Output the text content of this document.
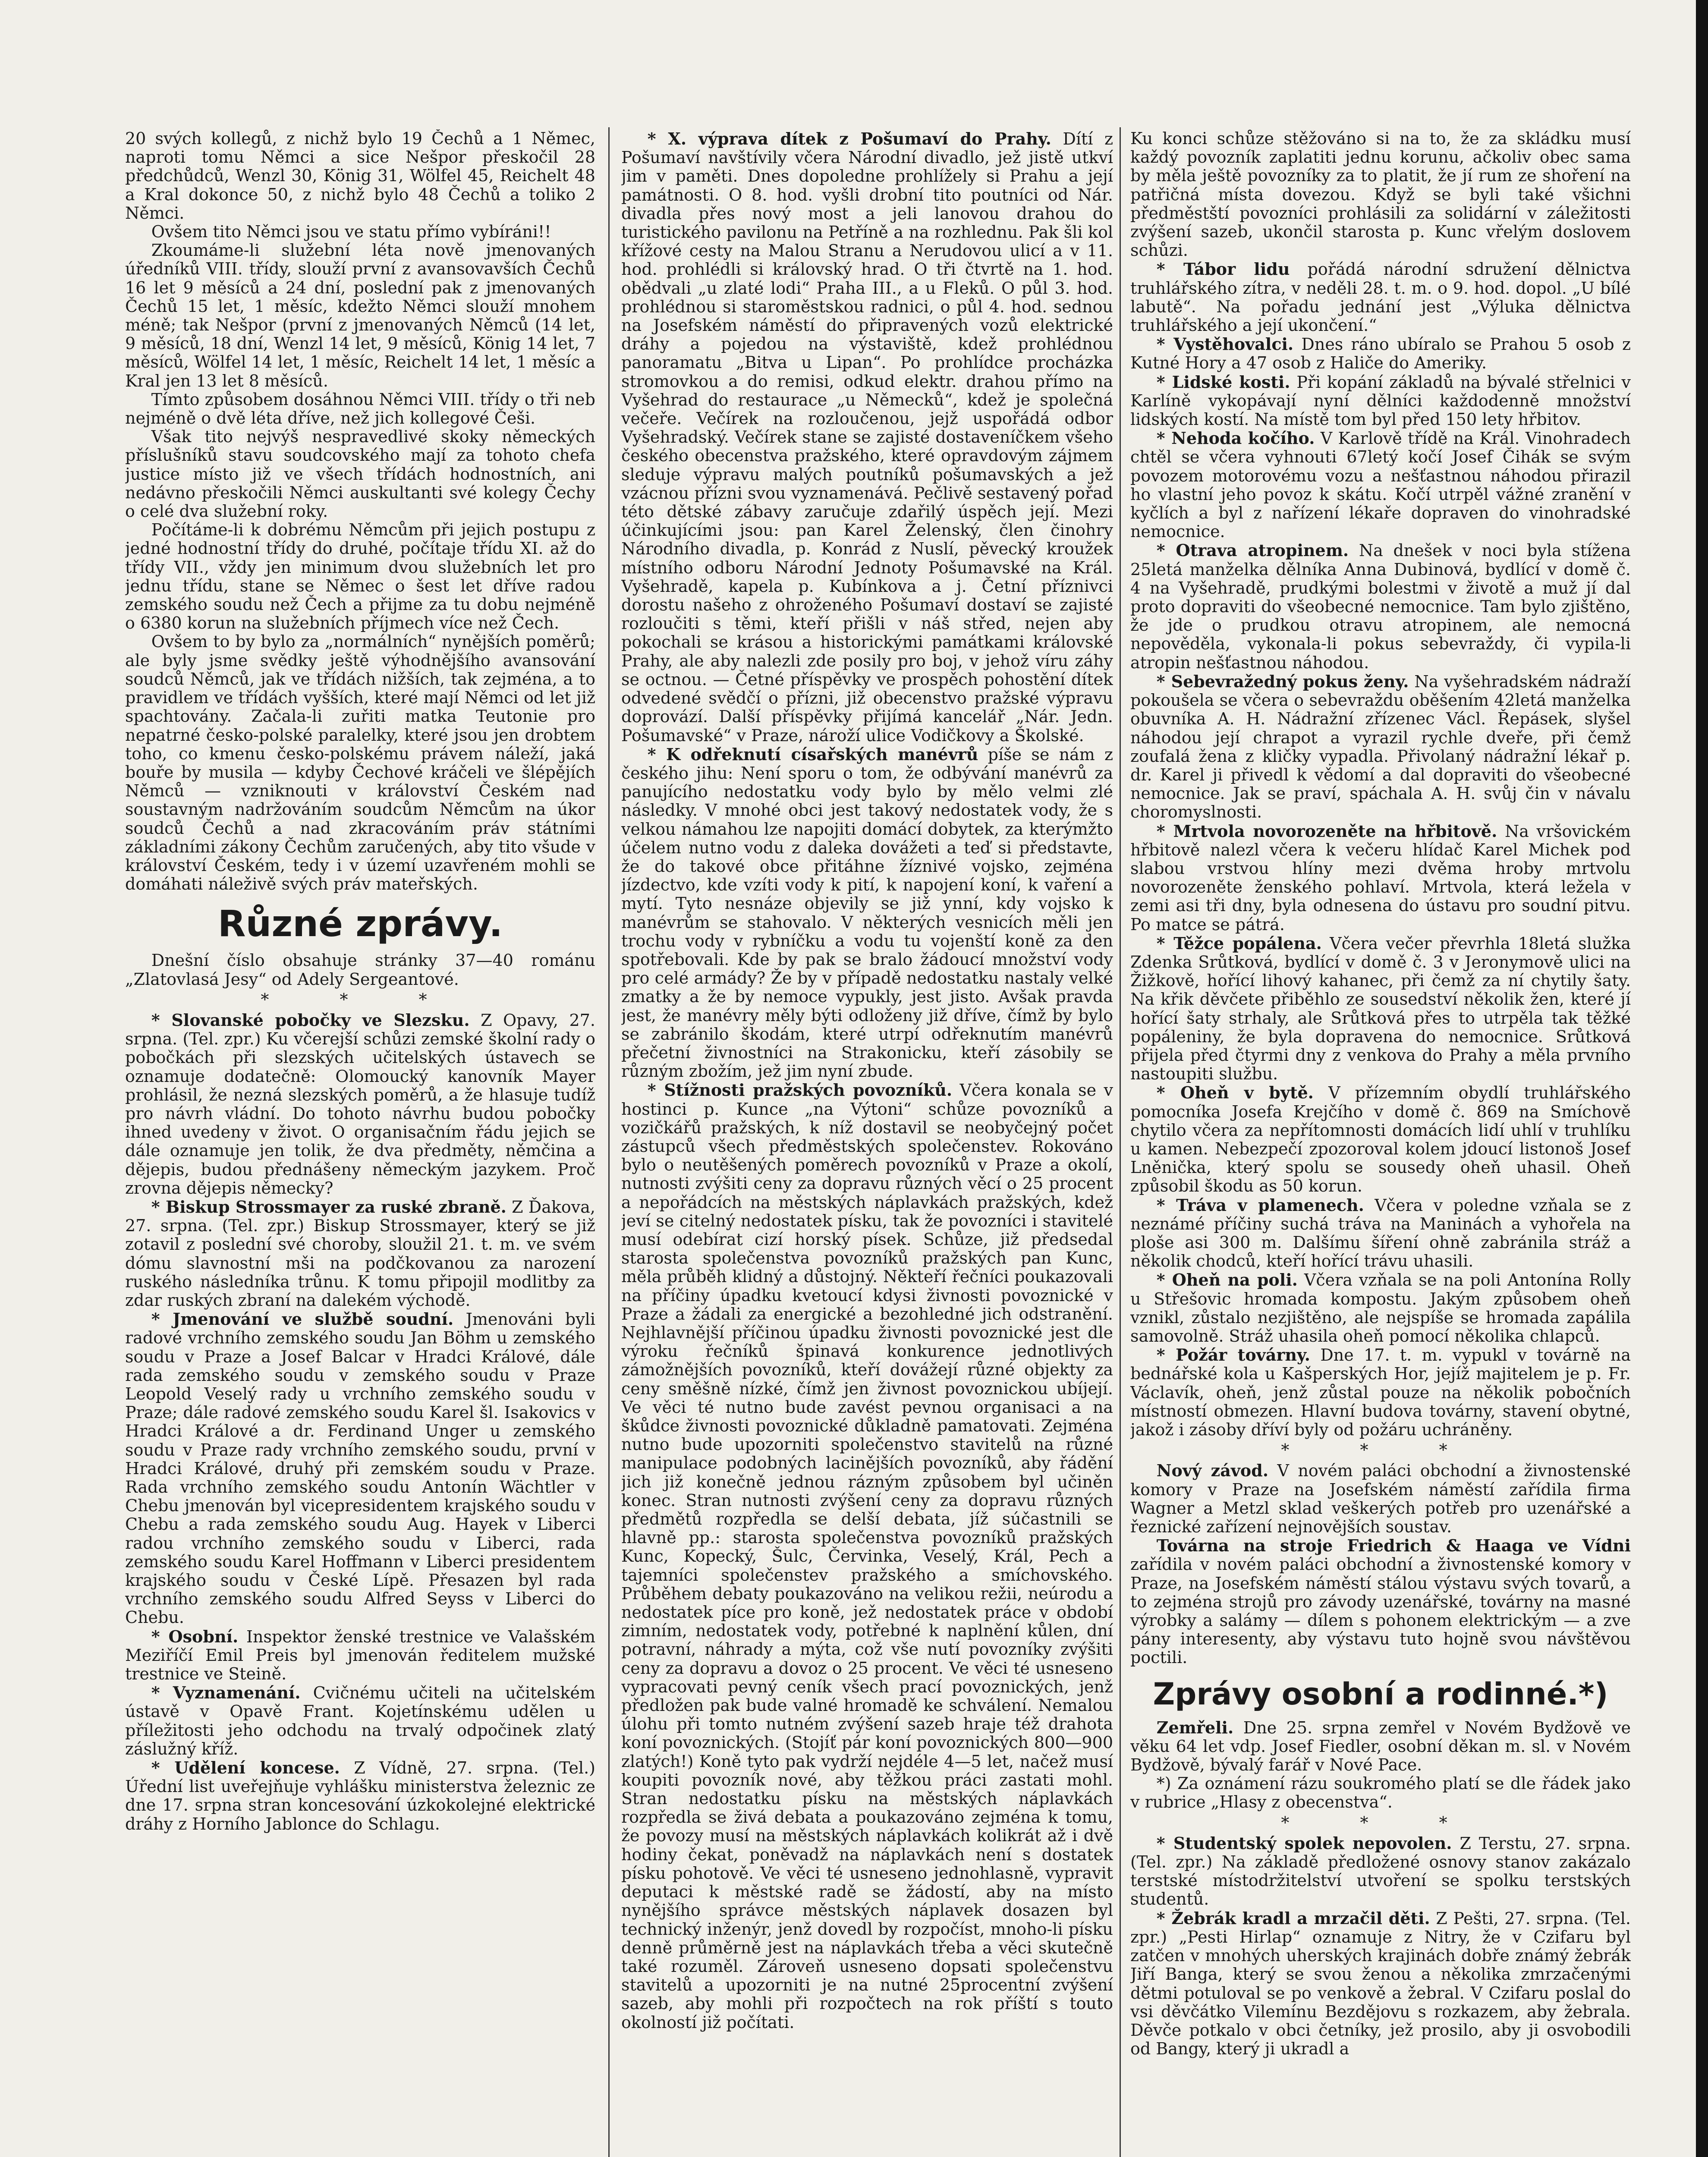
20 svých kollegů, z nichž bylo 19 Čechů a 1 Němec, naproti tomu Němci a sice Nešpor přeskočil 28 předchůdců, Wenzl 30, König 31, Wölfel 45, Reichelt 48 a Kral dokonce 50, z nichž bylo 48 Čechů a toliko 2 Němci.

Ovšem tito Němci jsou ve statu přímo vybíráni!!

Zkoumáme-li služební léta nově jmenovaných úředníků VIII. třídy, slouží první z avansovavších Čechů 16 let 9 měsíců a 24 dní, poslední pak z jmenovaných Čechů 15 let, 1 měsíc, kdežto Němci slouží mnohem méně; tak Nešpor (první z jmenovaných Němců (14 let, 9 měsíců, 18 dní, Wenzl 14 let, 9 měsíců, König 14 let, 7 měsíců, Wölfel 14 let, 1 měsíc, Reichelt 14 let, 1 měsíc a Kral jen 13 let 8 měsíců.

Tímto způsobem dosáhnou Němci VIII. třídy o tři neb nejméně o dvě léta dříve, než jich kollegové Češi.

Však tito nejvýš nespravedlivé skoky německých příslušníků stavu soudcovského mají za tohoto chefa justice místo již ve všech třídách hodnostních, ani nedávno přeskočili Němci auskultanti své kolegy Čechy o celé dva služební roky.

Počítáme-li k dobrému Němcům při jejich postupu z jedné hodnostní třídy do druhé, počítaje třídu XI. až do třídy VII., vždy jen minimum dvou služebních let pro jednu třídu, stane se Němec o šest let dříve radou zemského soudu než Čech a přijme za tu dobu nejméně o 6380 korun na služebních příjmech více než Čech.

Ovšem to by bylo za „normálních“ nynějších poměrů; ale byly jsme svědky ještě výhodnějšího avansování soudců Němců, jak ve třídách nižších, tak zejména, a to pravidlem ve třídách vyšších, které mají Němci od let již spachtovány. Začala-li zuřiti matka Teutonie pro nepatrné česko-polské paralelky, které jsou jen drobtem toho, co kmenu česko-polskému právem náleží, jaká bouře by musila — kdyby Čechové kráčeli ve šlépějích Němců — vzniknouti v království Českém nad soustavným nadržováním soudcům Němcům na úkor soudců Čechů a nad zkracováním práv státními základními zákony Čechům zaručených, aby tito všude v království Českém, tedy i v území uzavřeném mohli se domáhati náleživě svých práv mateřských.

Různé zprávy.

Dnešní číslo obsahuje stránky 37—40 románu „Zlatovlasá Jesy“ od Adely Sergeantové.

* * *

* Slovanské pobočky ve Slezsku. Z Opavy, 27. srpna. (Tel. zpr.) Ku včerejší schůzi zemské školní rady o pobočkách při slezských učitelských ústavech se oznamuje dodatečně: Olomoucký kanovník Mayer prohlásil, že nezná slezských poměrů, a že hlasuje tudíž pro návrh vládní. Do tohoto návrhu budou pobočky ihned uvedeny v život. O organisačním řádu jejich se dále oznamuje jen tolik, že dva předměty, němčina a dějepis, budou přednášeny německým jazykem. Proč zrovna dějepis německy?

* Biskup Strossmayer za ruské zbraně. Z Ďakova, 27. srpna. (Tel. zpr.) Biskup Strossmayer, který se již zotavil z poslední své choroby, sloužil 21. t. m. ve svém dómu slavnostní mši na podčkovanou za narození ruského následníka trůnu. K tomu připojil modlitby za zdar ruských zbraní na dalekém východě.

* Jmenování ve službě soudní. Jmenováni byli radové vrchního zemského soudu Jan Böhm u zemského soudu v Praze a Josef Balcar v Hradci Králové, dále rada zemského soudu v zemského soudu v Praze Leopold Veselý rady u vrchního zemského soudu v Praze; dále radové zemského soudu Karel šl. Isakovics v Hradci Králové a dr. Ferdinand Unger u zemského soudu v Praze rady vrchního zemského soudu, první v Hradci Králové, druhý při zemském soudu v Praze. Rada vrchního zemského soudu Antonín Wächtler v Chebu jmenován byl vicepresidentem krajského soudu v Chebu a rada zemského soudu Aug. Hayek v Liberci radou vrchního zemského soudu v Liberci, rada zemského soudu Karel Hoffmann v Liberci presidentem krajského soudu v České Lípě. Přesazen byl rada vrchního zemského soudu Alfred Seyss v Liberci do Chebu.

* Osobní. Inspektor ženské trestnice ve Valašském Meziříčí Emil Preis byl jmenován ředitelem mužské trestnice ve Steině.

* Vyznamenání. Cvičnému učiteli na učitelském ústavě v Opavě Frant. Kojetínskému udělen u příležitosti jeho odchodu na trvalý odpočinek zlatý záslužný kříž.

* Udělení koncese. Z Vídně, 27. srpna. (Tel.) Úřední list uveřejňuje vyhlášku ministerstva železnic ze dne 17. srpna stran koncesování úzkokolejné elektrické dráhy z Horního Jablonce do Schlagu.

* X. výprava dítek z Pošumaví do Prahy. Dítí z Pošumaví navštívily včera Národní divadlo, jež jistě utkví jim v paměti. Dnes dopoledne prohlížely si Prahu a její památnosti. O 8. hod. vyšli drobní tito poutníci od Nár. divadla přes nový most a jeli lanovou drahou do turistického pavilonu na Petříně a na rozhlednu. Pak šli kol křížové cesty na Malou Stranu a Nerudovou ulicí a v 11. hod. prohlédli si královský hrad. O tři čtvrtě na 1. hod. obědvali „u zlaté lodi“ Praha III., a u Fleků. O půl 3. hod. prohlédnou si staroměstskou radnici, o půl 4. hod. sednou na Josefském náměstí do připravených vozů elektrické dráhy a pojedou na výstaviště, kdež prohlédnou panoramatu „Bitva u Lipan“. Po prohlídce procházka stromovkou a do remisi, odkud elektr. drahou přímo na Vyšehrad do restaurace „u Německů“, kdež je společná večeře. Večírek na rozloučenou, jejž uspořádá odbor Vyšehradský. Večírek stane se zajisté dostaveníčkem všeho českého obecenstva pražského, které opravdovým zájmem sleduje výpravu malých poutníků pošumavských a jež vzácnou přízni svou vyznamenává. Pečlivě sestavený pořad této dětské zábavy zaručuje zdařilý úspěch její. Mezi účinkujícími jsou: pan Karel Želenský, člen činohry Národního divadla, p. Konrád z Nuslí, pěvecký kroužek místního odboru Národní Jednoty Pošumavské na Král. Vyšehradě, kapela p. Kubínkova a j. Četní příznivci dorostu našeho z ohroženého Pošumaví dostaví se zajisté rozloučiti s těmi, kteří přišli v náš střed, nejen aby pokochali se krásou a historickými památkami královské Prahy, ale aby nalezli zde posily pro boj, v jehož víru záhy se octnou. — Četné příspěvky ve prospěch pohostění dítek odvedené svědčí o přízni, již obecenstvo pražské výpravu doprovází. Další příspěvky přijímá kancelář „Nár. Jedn. Pošumavské“ v Praze, nároží ulice Vodičkovy a Školské.

* K odřeknutí císařských manévrů píše se nám z českého jihu: Není sporu o tom, že odbývání manévrů za panujícího nedostatku vody bylo by mělo velmi zlé následky. V mnohé obci jest takový nedostatek vody, že s velkou námahou lze napojiti domácí dobytek, za kterýmžto účelem nutno vodu z daleka dovážeti a teď si představte, že do takové obce přitáhne žíznivé vojsko, zejména jízdectvo, kde vzíti vody k pití, k napojení koní, k vaření a mytí. Tyto nesnáze objevily se již ynní, kdy vojsko k manévrům se stahovalo. V některých vesnicích měli jen trochu vody v rybníčku a vodu tu vojenští koně za den spotřebovali. Kde by pak se bralo žádoucí množství vody pro celé armády? Že by v případě nedostatku nastaly velké zmatky a že by nemoce vypukly, jest jisto. Avšak pravda jest, že manévry měly býti odloženy již dříve, čímž by bylo se zabránilo škodám, které utrpí odřeknutím manévrů přečetní živnostníci na Strakonicku, kteří zásobily se různým zbožím, jež jim nyní zbude.

* Stížnosti pražských povozníků. Včera konala se v hostinci p. Kunce „na Výtoni“ schůze povozníků a vozičkářů pražských, k níž dostavil se neobyčejný počet zástupců všech předměstských společenstev. Rokováno bylo o neutěšených poměrech povozníků v Praze a okolí, nutnosti zvýšiti ceny za dopravu různých věcí o 25 procent a nepořádcích na městských náplavkách pražských, kdež jeví se citelný nedostatek písku, tak že povozníci i stavitelé musí odebírat cizí horský písek. Schůze, již předsedal starosta společenstva povozníků pražských pan Kunc, měla průběh klidný a důstojný. Někteří řečníci poukazovali na příčiny úpadku kvetoucí kdysi živnosti povoznické v Praze a žádali za energické a bezohledné jich odstranění. Nejhlavnější příčinou úpadku živnosti povoznické jest dle výroku řečníků špinavá konkurence jednotlivých zámožnějších povozníků, kteří dovážejí různé objekty za ceny směšně nízké, čímž jen živnost povoznickou ubíjejí. Ve věci té nutno bude zavést pevnou organisaci a na škůdce živnosti povoznické důkladně pamatovati. Zejména nutno bude upozorniti společenstvo stavitelů na různé manipulace podobných lacinějších povozníků, aby řádění jich již konečně jednou rázným způsobem byl učiněn konec. Stran nutnosti zvýšení ceny za dopravu různých předmětů rozpředla se delší debata, jíž súčastnili se hlavně pp.: starosta společenstva povozníků pražských Kunc, Kopecký, Šulc, Červinka, Veselý, Král, Pech a tajemníci společenstev pražského a smíchovského. Průběhem debaty poukazováno na velikou režii, neúrodu a nedostatek píce pro koně, jež nedostatek práce v období zimním, nedostatek vody, potřebné k naplnění kůlen, dní potravní, náhrady a mýta, což vše nutí povozníky zvýšiti ceny za dopravu a dovoz o 25 procent. Ve věci té usneseno vypracovati pevný ceník všech prací povoznických, jenž předložen pak bude valné hromadě ke schválení. Nemalou úlohu při tomto nutném zvýšení sazeb hraje též drahota koní povoznických. (Stojíť pár koní povoznických 800—900 zlatých!) Koně tyto pak vydrží nejdéle 4—5 let, načež musí koupiti povozník nové, aby těžkou práci zastati mohl. Stran nedostatku písku na městských náplavkách rozpředla se živá debata a poukazováno zejména k tomu, že povozy musí na městských náplavkách kolikrát až i dvě hodiny čekat, poněvadž na náplavkách není s dostatek písku pohotově. Ve věci té usneseno jednohlasně, vypravit deputaci k městské radě se žádostí, aby na místo nynějšího správce městských náplavek dosazen byl technický inženýr, jenž dovedl by rozpočíst, mnoho-li písku denně průměrně jest na náplavkách třeba a věci skutečně také rozuměl. Zároveň usneseno dopsati společenstvu stavitelů a upozorniti je na nutné 25procentní zvýšení sazeb, aby mohli při rozpočtech na rok příští s touto okolností již počítati.

Ku konci schůze stěžováno si na to, že za skládku musí každý povozník zaplatiti jednu korunu, ačkoliv obec sama by měla ještě povozníky za to platit, že jí rum ze shoření na patřičná místa dovezou. Když se byli také všichni předměstští povozníci prohlásili za solidární v záležitosti zvýšení sazeb, ukončil starosta p. Kunc vřelým doslovem schůzi.

* Tábor lidu pořádá národní sdružení dělnictva truhlářského zítra, v neděli 28. t. m. o 9. hod. dopol. „U bílé labutě“. Na pořadu jednání jest „Výluka dělnictva truhlářského a její ukončení.“

* Vystěhovalci. Dnes ráno ubíralo se Prahou 5 osob z Kutné Hory a 47 osob z Haliče do Ameriky.

* Lidské kosti. Při kopání základů na bývalé střelnici v Karlíně vykopávají nyní dělníci každodenně množství lidských kostí. Na místě tom byl před 150 lety hřbitov.

* Nehoda kočího. V Karlově třídě na Král. Vinohradech chtěl se včera vyhnouti 67letý kočí Josef Čihák se svým povozem motorovému vozu a nešťastnou náhodou přirazil ho vlastní jeho povoz k skátu. Kočí utrpěl vážné zranění v kyčlích a byl z nařízení lékaře dopraven do vinohradské nemocnice.

* Otrava atropinem. Na dnešek v noci byla stížena 25letá manželka dělníka Anna Dubinová, bydlící v domě č. 4 na Vyšehradě, prudkými bolestmi v životě a muž jí dal proto dopraviti do všeobecné nemocnice. Tam bylo zjištěno, že jde o prudkou otravu atropinem, ale nemocná nepověděla, vykonala-li pokus sebevraždy, či vypila-li atropin nešťastnou náhodou.

* Sebevražedný pokus ženy. Na vyšehradském nádraží pokoušela se včera o sebevraždu oběšením 42letá manželka obuvníka A. H. Nádražní zřízenec Václ. Řepásek, slyšel náhodou její chrapot a vyrazil rychle dveře, při čemž zoufalá žena z kličky vypadla. Přivolaný nádražní lékař p. dr. Karel ji přivedl k vědomí a dal dopraviti do všeobecné nemocnice. Jak se praví, spáchala A. H. svůj čin v návalu choromyslnosti.

* Mrtvola novorozeněte na hřbitově. Na vršovickém hřbitově nalezl včera k večeru hlídač Karel Michek pod slabou vrstvou hlíny mezi dvěma hroby mrtvolu novorozeněte ženského pohlaví. Mrtvola, která ležela v zemi asi tři dny, byla odnesena do ústavu pro soudní pitvu. Po matce se pátrá.

* Těžce popálena. Včera večer převrhla 18letá služka Zdenka Srůtková, bydlící v domě č. 3 v Jeronymově ulici na Žižkově, hořící lihový kahanec, při čemž za ní chytily šaty. Na křik děvčete přiběhlo ze sousedství několik žen, které jí hořící šaty strhaly, ale Srůtková přes to utrpěla tak těžké popáleniny, že byla dopravena do nemocnice. Srůtková přijela před čtyrmi dny z venkova do Prahy a měla prvního nastoupiti službu.

* Oheň v bytě. V přízemním obydlí truhlářského pomocníka Josefa Krejčího v domě č. 869 na Smíchově chytilo včera za nepřítomnosti domácích lidí uhlí v truhlíku u kamen. Nebezpečí zpozoroval kolem jdoucí listonoš Josef Lněnička, který spolu se sousedy oheň uhasil. Oheň způsobil škodu as 50 korun.

* Tráva v plamenech. Včera v poledne vzňala se z neznámé příčiny suchá tráva na Maninách a vyhořela na ploše asi 300 m. Dalšímu šíření ohně zabránila stráž a několik chodců, kteří hořící trávu uhasili.

* Oheň na poli. Včera vzňala se na poli Antonína Rolly u Střešovic hromada kompostu. Jakým způsobem oheň vznikl, zůstalo nezjištěno, ale nejspíše se hromada zapálila samovolně. Stráž uhasila oheň pomocí několika chlapců.

* Požár továrny. Dne 17. t. m. vypukl v továrně na bednářské kola u Kašperských Hor, jejíž majitelem je p. Fr. Václavík, oheň, jenž zůstal pouze na několik pobočních místností obmezen. Hlavní budova továrny, stavení obytné, jakož i zásoby dříví byly od požáru uchráněny.

* * *

Nový závod. V novém paláci obchodní a živnostenské komory v Praze na Josefském náměstí zařídila firma Wagner a Metzl sklad veškerých potřeb pro uzenářské a řeznické zařízení nejnovějších soustav.

Továrna na stroje Friedrich & Haaga ve Vídni zařídila v novém paláci obchodní a živnostenské komory v Praze, na Josefském náměstí stálou výstavu svých tovarů, a to zejména strojů pro závody uzenářské, továrny na masné výrobky a salámy — dílem s pohonem elektrickým — a zve pány interesenty, aby výstavu tuto hojně svou návštěvou poctili.

Zprávy osobní a rodinné.*)

Zemřeli. Dne 25. srpna zemřel v Novém Bydžově ve věku 64 let vdp. Josef Fiedler, osobní děkan m. sl. v Novém Bydžově, bývalý farář v Nové Pace.

*) Za oznámení rázu soukromého platí se dle řádek jako v rubrice „Hlasy z obecenstva“.

* * *

* Studentský spolek nepovolen. Z Terstu, 27. srpna. (Tel. zpr.) Na základě předložené osnovy stanov zakázalo terstské místodržitelství utvoření se spolku terstských studentů.

* Žebrák kradl a mrzačil děti. Z Pešti, 27. srpna. (Tel. zpr.) „Pesti Hirlap“ oznamuje z Nitry, že v Czifaru byl zatčen v mnohých uherských krajinách dobře známý žebrák Jiří Banga, který se svou ženou a několika zmrzačenými dětmi potuloval se po venkově a žebral. V Czifaru poslal do vsi děvčátko Vilemínu Bezdějovu s rozkazem, aby žebrala. Děvče potkalo v obci četníky, jež prosilo, aby ji osvobodili od Bangy, který ji ukradl a
